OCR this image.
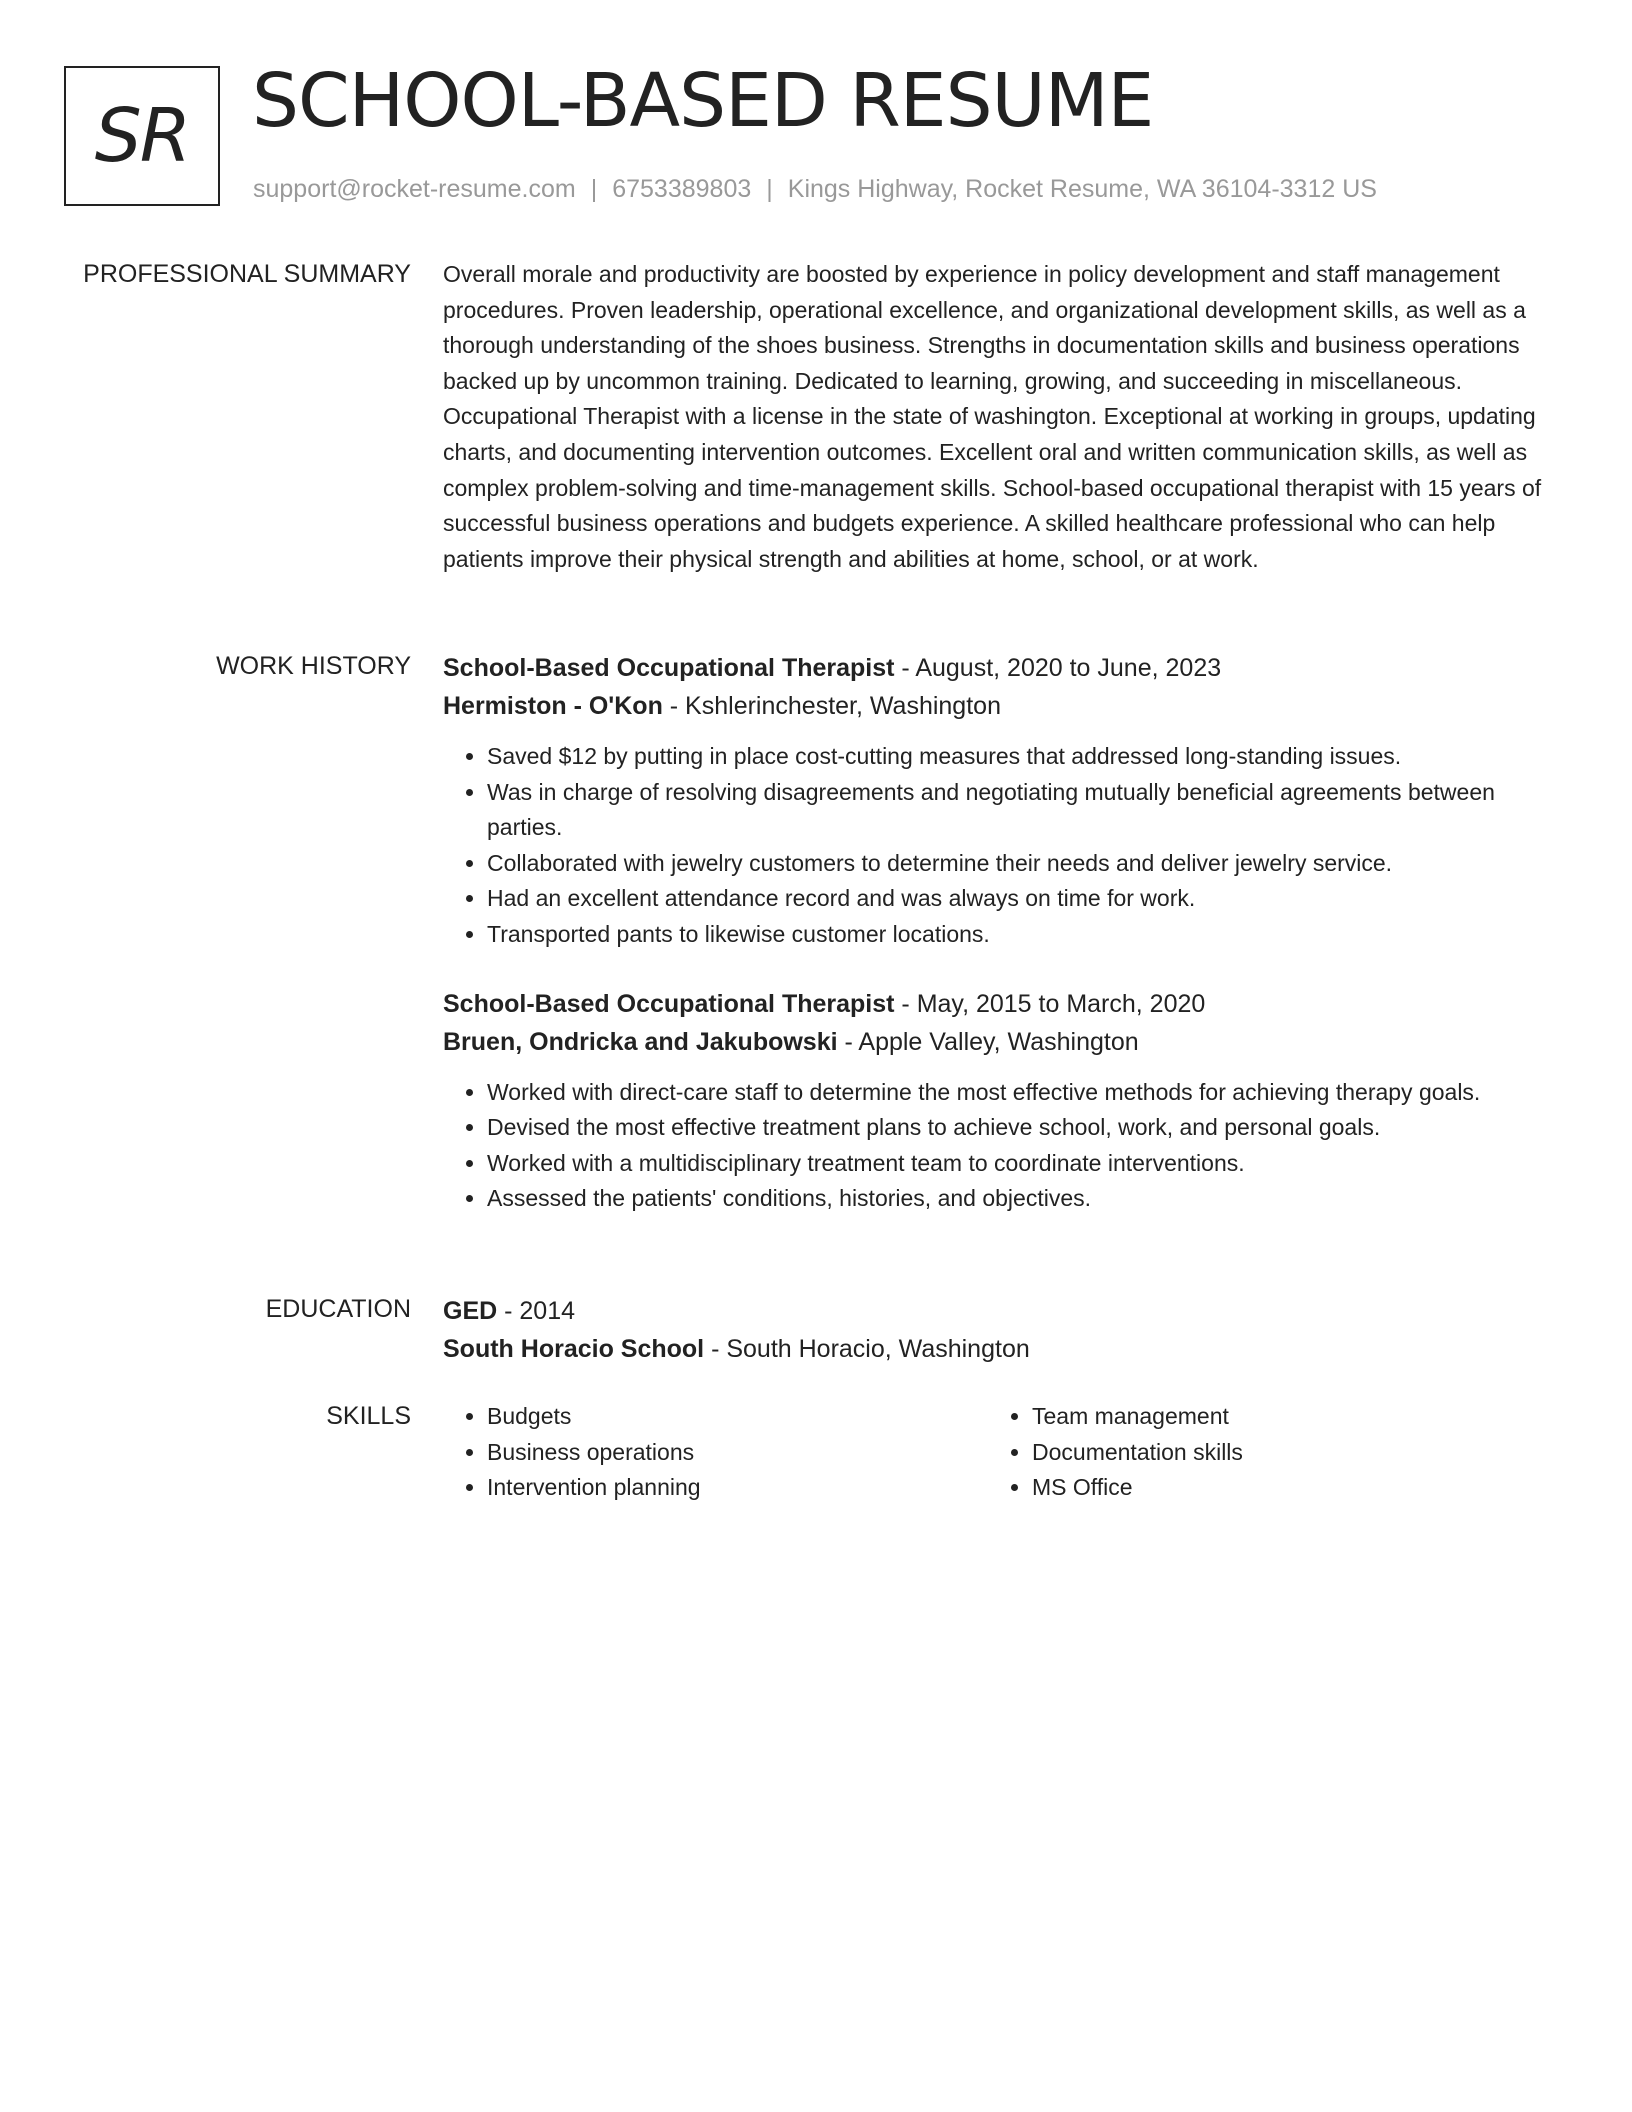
SR SCHOOL-BASED RESUME
support@rocket-resume.com | 6753389803 | Kings Highway, Rocket Resume, WA 36104-3312 US
PROFESSIONAL SUMMARY Overall morale and productivity are boosted by experience in policy development and staff management procedures. Proven leadership, operational excellence, and organizational development skills, as well as a thorough understanding of the shoes business. Strengths in documentation skills and business operations backed up by uncommon training. Dedicated to learning, growing, and succeeding in miscellaneous. Occupational Therapist with a license in the state of washington. Exceptional at working in groups, updating charts, and documenting intervention outcomes. Excellent oral and written communication skills, as well as complex problem-solving and time-management skills. School-based occupational therapist with 15 years of successful business operations and budgets experience. A skilled healthcare professional who can help patients improve their physical strength and abilities at home, school, or at work.

WORK HISTORY School-Based Occupational Therapist - August, 2020 to June, 2023
Hermiston - O'Kon - Kshlerinchester, Washington
• Saved $12 by putting in place cost-cutting measures that addressed long-standing issues.
• Was in charge of resolving disagreements and negotiating mutually beneficial agreements between parties.
• Collaborated with jewelry customers to determine their needs and deliver jewelry service.
• Had an excellent attendance record and was always on time for work.
• Transported pants to likewise customer locations.
School-Based Occupational Therapist - May, 2015 to March, 2020
Bruen, Ondricka and Jakubowski - Apple Valley, Washington
• Worked with direct-care staff to determine the most effective methods for achieving therapy goals.
• Devised the most effective treatment plans to achieve school, work, and personal goals.
• Worked with a multidisciplinary treatment team to coordinate interventions.
• Assessed the patients' conditions, histories, and objectives.
EDUCATION GED - 2014
South Horacio School - South Horacio, Washington
SKILLS
•	Budgets
• Business operations
• Intervention planning
• Team management
• Documentation skills
• MS Office
